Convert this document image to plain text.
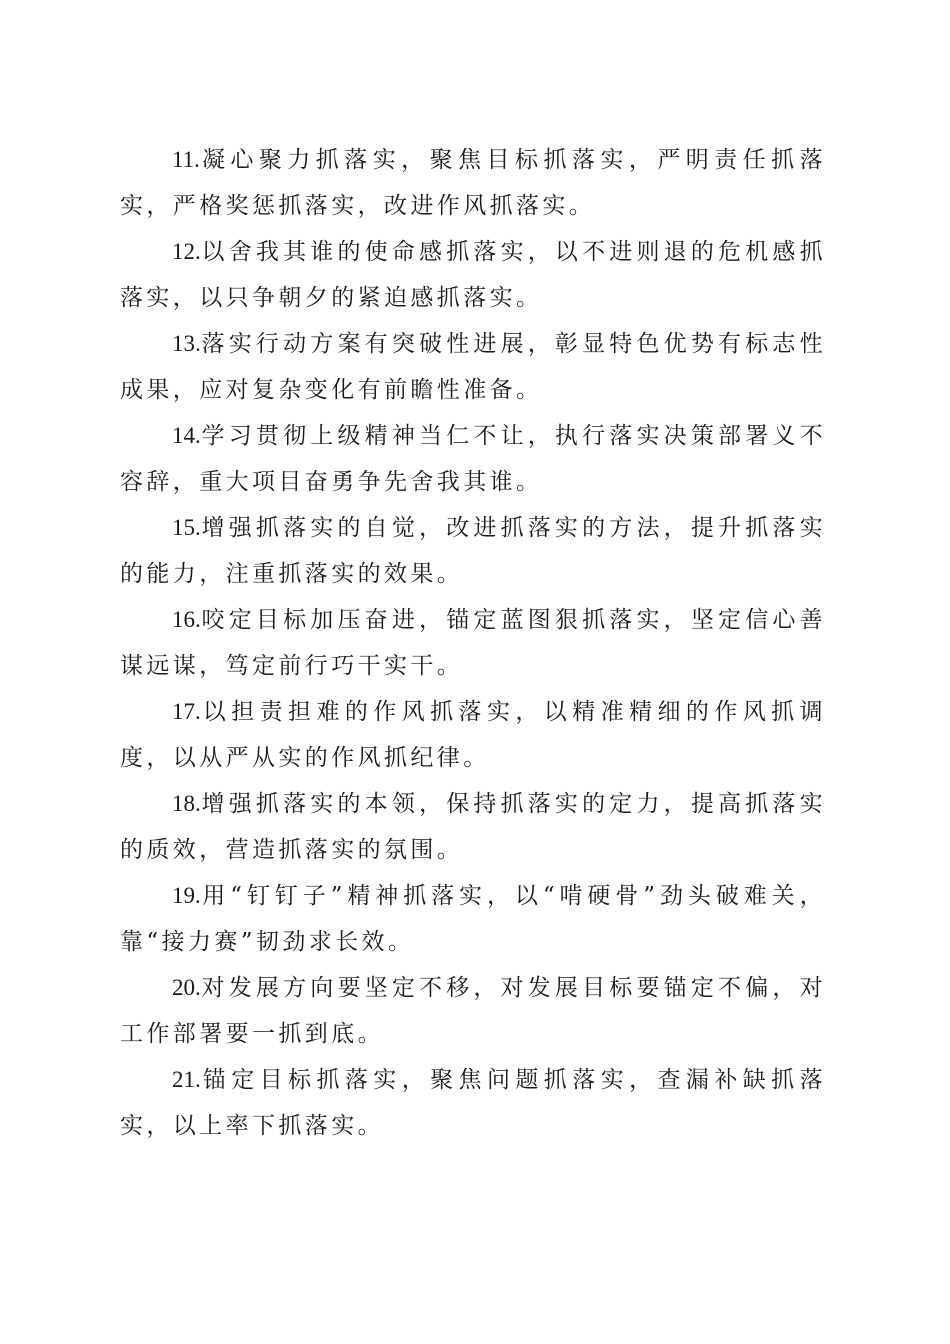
11.凝心聚力抓落实，聚焦目标抓落实，严明责任抓落实，严格奖惩抓落实，改进作风抓落实。

12.以舍我其谁的使命感抓落实，以不进则退的危机感抓落实，以只争朝夕的紧迫感抓落实。

13.落实行动方案有突破性进展，彰显特色优势有标志性成果，应对复杂变化有前瞻性准备。

14.学习贯彻上级精神当仁不让，执行落实决策部署义不容辞，重大项目奋勇争先舍我其谁。

15.增强抓落实的自觉，改进抓落实的方法，提升抓落实的能力，注重抓落实的效果。

16.咬定目标加压奋进，锚定蓝图狠抓落实，坚定信心善谋远谋，笃定前行巧干实干。

17.以担责担难的作风抓落实，以精准精细的作风抓调度，以从严从实的作风抓纪律。

18.增强抓落实的本领，保持抓落实的定力，提高抓落实的质效，营造抓落实的氛围。

19.用“钉钉子”精神抓落实，以“啃硬骨”劲头破难关，靠“接力赛”韧劲求长效。

20.对发展方向要坚定不移，对发展目标要锚定不偏，对工作部署要一抓到底。

21.锚定目标抓落实，聚焦问题抓落实，查漏补缺抓落实，以上率下抓落实。
